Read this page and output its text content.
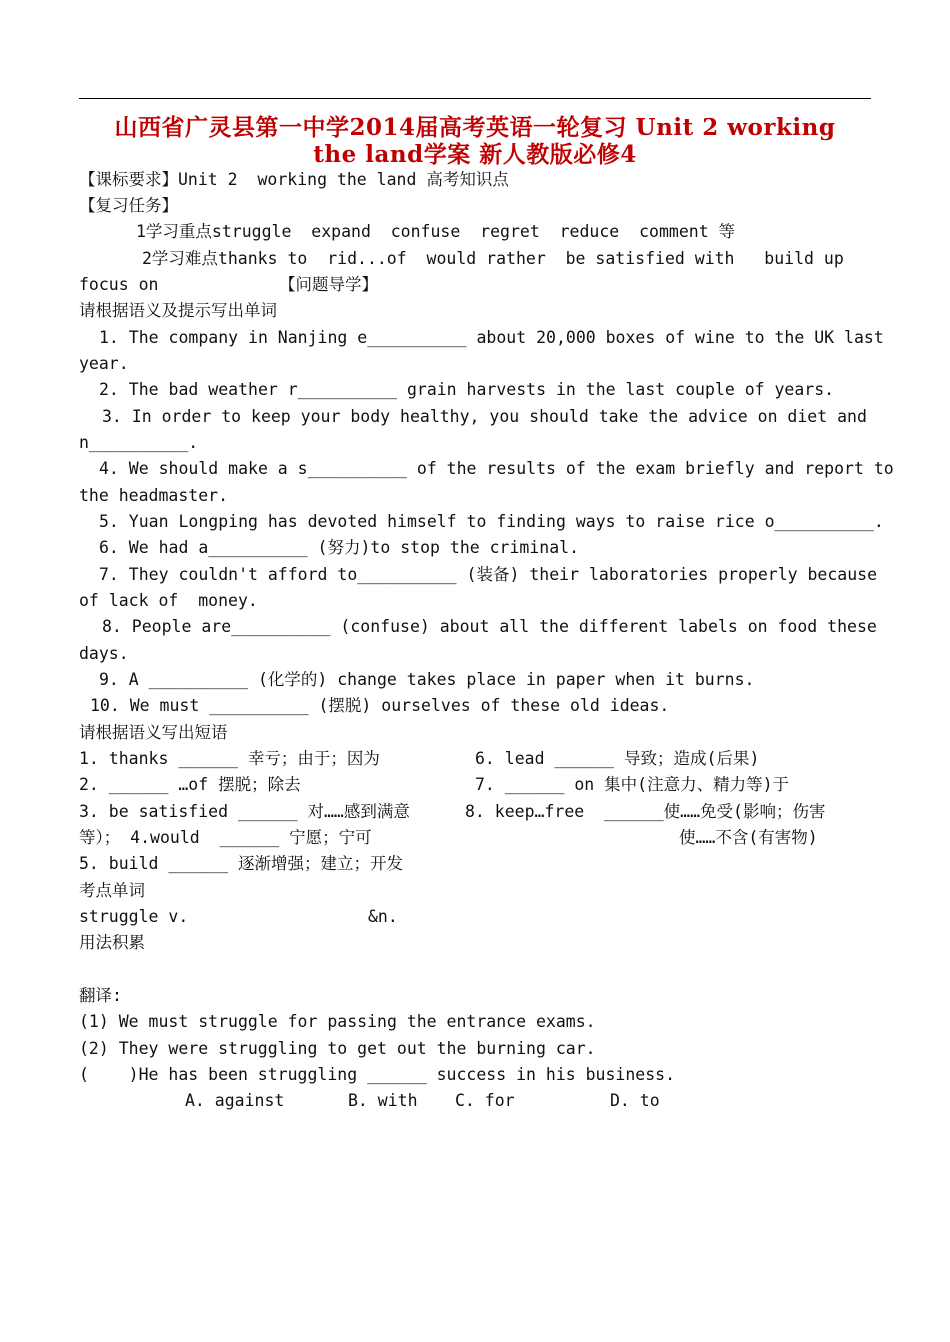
山西省广灵县第一中学2014届高考英语一轮复习 Unit 2 working
the land学案 新人教版必修4
【课标要求】Unit 2  working the land 高考知识点
【复习任务】
1学习重点struggle  expand  confuse  regret  reduce  comment 等
2学习难点thanks to  rid...of  would rather  be satisfied with   build up
focus on	【问题导学】
请根据语义及提示写出单词
1. The company in Nanjing e__________ about 20,000 boxes of wine to the UK last
year.
2. The bad weather r__________ grain harvests in the last couple of years.
3. In order to keep your body healthy, you should take the advice on diet and
n__________.
4. We should make a s__________ of the results of the exam briefly and report to
the headmaster.
5. Yuan Longping has devoted himself to finding ways to raise rice o__________.
6. We had a__________ (努力)to stop the criminal.
7. They couldn't afford to__________ (装备) their laboratories properly because
of lack of  money.
8. People are__________ (confuse) about all the different labels on food these
days.
9. A __________ (化学的) change takes place in paper when it burns.
10. We must __________ (摆脱) ourselves of these old ideas.
请根据语义写出短语
1. thanks ______ 幸亏；由于；因为	6. lead ______ 导致；造成(后果)
2. ______ …of 摆脱；除去	7. ______ on 集中(注意力、精力等)于
3. be satisfied ______ 对……感到满意	8. keep…free  ______使……免受(影响；伤害
等）； 4.would  ______ 宁愿；宁可	使……不含(有害物)
5. build ______ 逐渐增强；建立；开发
考点单词
struggle v.	&n.
用法积累
翻译:
(1) We must struggle for passing the entrance exams.
(2) They were struggling to get out the burning car.
(    )He has been struggling ______ success in his business.
A. against	B. with C. for	D. to
